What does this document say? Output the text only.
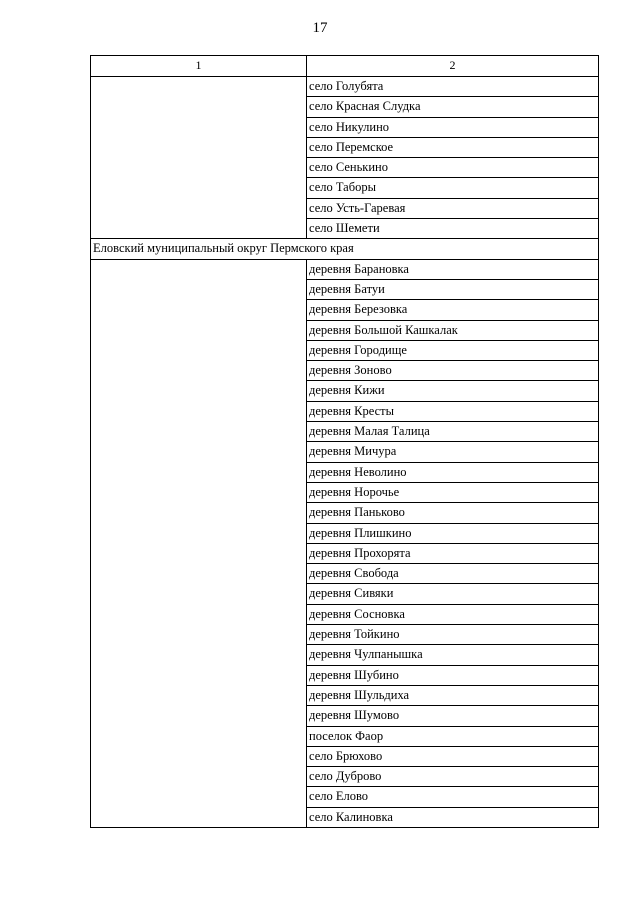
17
1	2
	село Голубята
	село Красная Слудка
	село Никулино
	село Перемское
	село Сенькино
	село Таборы
	село Усть-Гаревая
	село Шемети
Еловский муниципальный округ Пермского края	
	деревня Барановка
	деревня Батуи
	деревня Березовка
	деревня Большой Кашкалак
	деревня Городище
	деревня Зоново
	деревня Кижи
	деревня Кресты
	деревня Малая Талица
	деревня Мичура
	деревня Неволино
	деревня Норочье
	деревня Паньково
	деревня Плишкино
	деревня Прохорята
	деревня Свобода
	деревня Сивяки
	деревня Сосновка
	деревня Тойкино
	деревня Чулпанышка
	деревня Шубино
	деревня Шульдиха
	деревня Шумово
	поселок Фаор
	село Брюхово
	село Дуброво
	село Елово
	село Калиновка
